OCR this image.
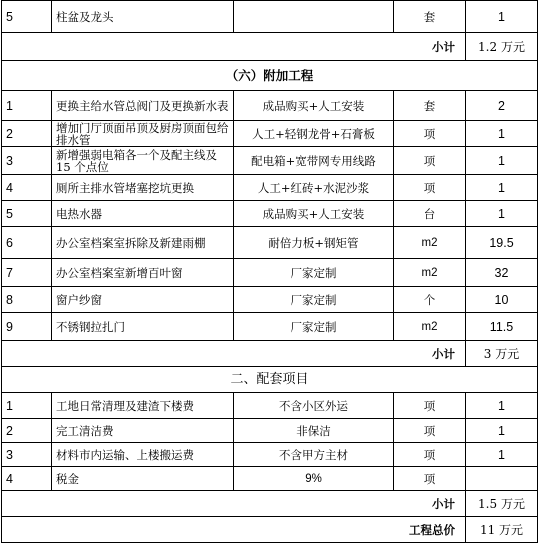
5	柱盆及龙头		套	1
小计				1.2 万元
（六）附加工程				
1	更换主给水管总阀门及更换新水表	成品购买+人工安装	套	2
2	增加门厅顶面吊顶及厨房顶面包给排水管	人工+轻钢龙骨+石膏板	项	1
3	新增强弱电箱各一个及配主线及 15 个点位	配电箱+宽带网专用线路	项	1
4	厕所主排水管堵塞挖坑更换	人工+红砖+水泥沙浆	项	1
5	电热水器	成品购买+人工安装	台	1
6	办公室档案室拆除及新建雨棚	耐倍力板+钢矩管	m2	19.5
7	办公室档案室新增百叶窗	厂家定制	m2	32
8	窗户纱窗	厂家定制	个	10
9	不锈钢拉扎门	厂家定制	m2	11.5
小计				3 万元
二、配套项目				
1	工地日常清理及建渣下楼费	不含小区外运	项	1
2	完工清洁费	非保洁	项	1
3	材料市内运输、上楼搬运费	不含甲方主材	项	1
4	税金	9%	项	
小计				1.5 万元
工程总价				11 万元
